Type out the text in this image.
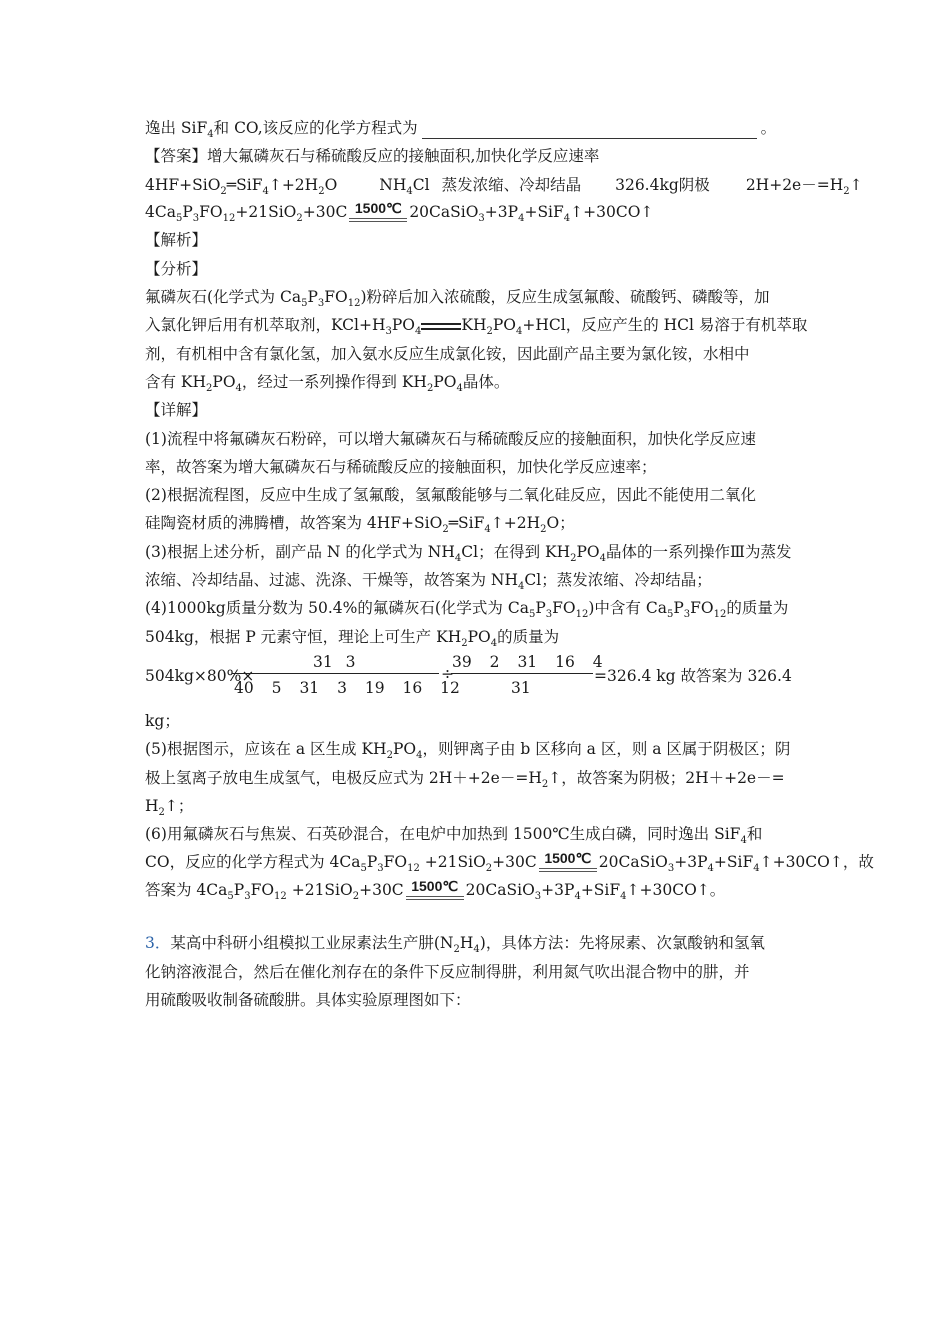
逸出 SiF$_4$和 CO,该反应的化学方程式为	。
【答案】增大氟磷灰石与稀硫酸反应的接触面积,加快化学反应速率
$4HF+SiO_2═SiF_4↑+2H_2O$	$NH_4Cl$ 蒸发浓缩、冷却结晶 326.4kg阴极 $2H+2e-=H_2↑$
$4Ca_5P_3FO_{12}+21SiO_2+30C$ 1500℃ $20CaSiO_3+3P_4+SiF_4↑+30CO↑$
【解析】
【分析】
氟磷灰石(化学式为 $Ca_5P_3FO_{12}$)粉碎后加入浓硫酸，反应生成氢氟酸、硫酸钙、磷酸等，加
入氯化钾后用有机萃取剂，$KCl+H_3PO_4$	$KH_2PO_4+HCl$，反应产生的 HCl 易溶于有机萃取
剂，有机相中含有氯化氢，加入氨水反应生成氯化铵，因此副产品主要为氯化铵，水相中
含有 $KH_2PO_4$，经过一系列操作得到 $KH_2PO_4$晶体。
【详解】
(1)流程中将氟磷灰石粉碎，可以增大氟磷灰石与稀硫酸反应的接触面积，加快化学反应速
率，故答案为增大氟磷灰石与稀硫酸反应的接触面积，加快化学反应速率；
(2)根据流程图，反应中生成了氢氟酸，氢氟酸能够与二氧化硅反应，因此不能使用二氧化
硅陶瓷材质的沸腾槽，故答案为 $4HF+SiO_2═SiF_4↑+2H_2O$；
(3)根据上述分析，副产品 N 的化学式为 $NH_4Cl$；在得到 $KH_2PO_4$晶体的一系列操作Ⅲ为蒸发
浓缩、冷却结晶、过滤、洗涤、干燥等，故答案为 $NH_4Cl$；蒸发浓缩、冷却结晶；
(4)1000kg质量分数为 50.4%的氟磷灰石(化学式为 $Ca_5P_3FO_{12}$)中含有 $Ca_5P_3FO_{12}$的质量为
504kg，根据 P 元素守恒，理论上可生产 $KH_2PO_4$的质量为
504kg×80%×
31 3
40 5 31 3 19 16 12
÷
39 2 31 16 4
31
=326.4 kg 故答案为 326.4
kg；
(5)根据图示，应该在 a 区生成 $KH_2PO_4$，则钾离子由 b 区移向 a 区，则 a 区属于阴极区；阴
极上氢离子放电生成氢气，电极反应式为 $2H++2e-=H_2↑$，故答案为阴极；2H＋+2e－=
$H_2↑$；
(6)用氟磷灰石与焦炭、石英砂混合，在电炉中加热到 1500℃生成白磷，同时逸出 SiF$_4$和
CO，反应的化学方程式为 $4Ca_5P_3FO_{12} +21SiO_2+30C$ 1500℃ $20CaSiO_3+3P_4+SiF_4↑+30CO↑$，故
答案为 $4Ca_5P_3FO_{12} +21SiO_2+30C$ 1500℃ $20CaSiO_3+3P_4+SiF_4↑+30CO↑$。
3．某高中科研小组模拟工业尿素法生产肼$(N_2H_4)$，具体方法：先将尿素、次氯酸钠和氢氧
化钠溶液混合，然后在催化剂存在的条件下反应制得肼，利用氮气吹出混合物中的肼，并
用硫酸吸收制备硫酸肼。具体实验原理图如下：
